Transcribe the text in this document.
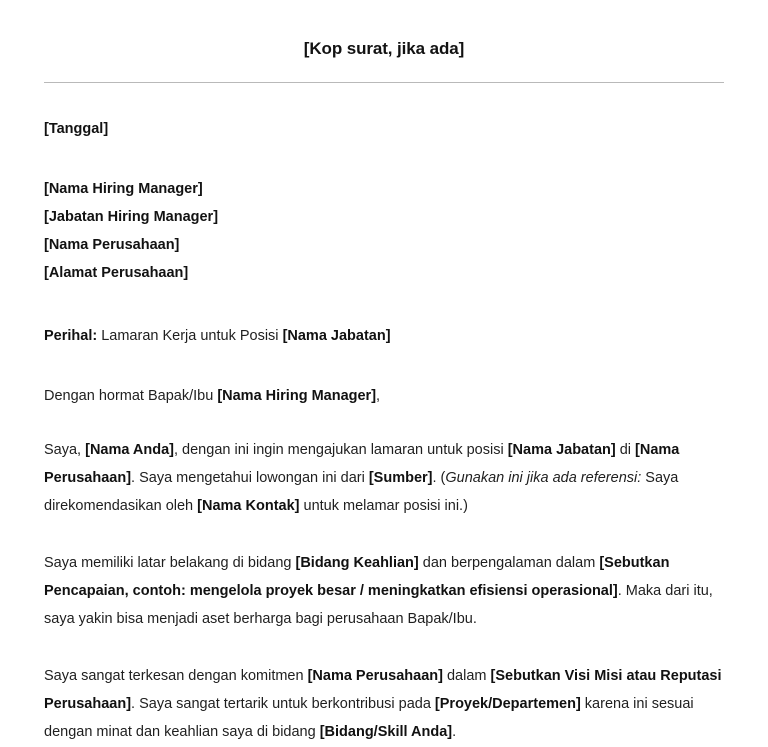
[Kop surat, jika ada]
[Tanggal]
[Nama Hiring Manager]
[Jabatan Hiring Manager]
[Nama Perusahaan]
[Alamat Perusahaan]
Perihal: Lamaran Kerja untuk Posisi [Nama Jabatan]
Dengan hormat Bapak/Ibu [Nama Hiring Manager],
Saya, [Nama Anda], dengan ini ingin mengajukan lamaran untuk posisi [Nama Jabatan] di [Nama Perusahaan]. Saya mengetahui lowongan ini dari [Sumber]. (Gunakan ini jika ada referensi: Saya direkomendasikan oleh [Nama Kontak] untuk melamar posisi ini.)
Saya memiliki latar belakang di bidang [Bidang Keahlian] dan berpengalaman dalam [Sebutkan Pencapaian, contoh: mengelola proyek besar / meningkatkan efisiensi operasional]. Maka dari itu, saya yakin bisa menjadi aset berharga bagi perusahaan Bapak/Ibu.
Saya sangat terkesan dengan komitmen [Nama Perusahaan] dalam [Sebutkan Visi Misi atau Reputasi Perusahaan]. Saya sangat tertarik untuk berkontribusi pada [Proyek/Departemen] karena ini sesuai dengan minat dan keahlian saya di bidang [Bidang/Skill Anda].
